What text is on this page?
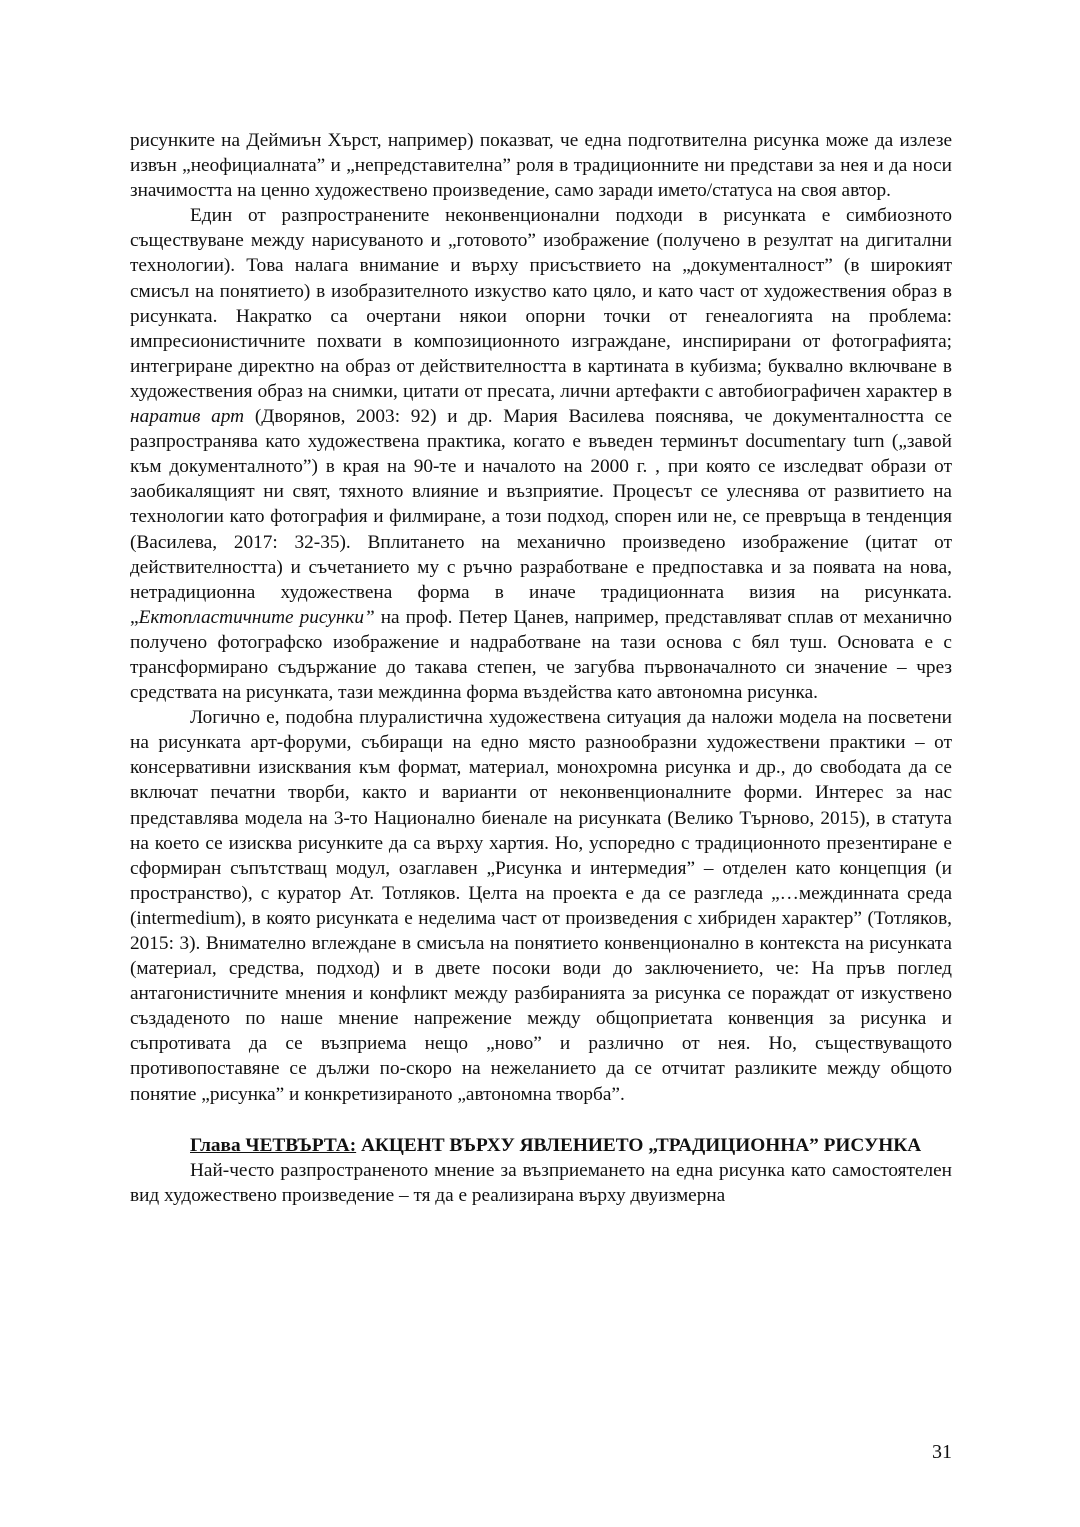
рисунките на Деймиън Хърст, например) показват, че една подготвителна рисунка може да излезе извън „неофициалната” и „непредставителна” роля в традиционните ни представи за нея и да носи значимостта на ценно художествено произведение, само заради името/статуса на своя автор.

Един от разпространените неконвенционални подходи в рисунката е симбиозното съществуване между нарисуваното и „готовото” изображение (получено в резултат на дигитални технологии). Това налага внимание и върху присъствието на „документалност” (в широкият смисъл на понятието) в изобразителното изкуство като цяло, и като част от художествения образ в рисунката. Накратко са очертани някои опорни точки от генеалогията на проблема: импресионистичните похвати в композиционното изграждане, инспирирани от фотографията; интегриране директно на образ от действителността в картината в кубизма; буквално включване в художествения образ на снимки, цитати от пресата, лични артефакти с автобиографичен характер в наратив арт (Дворянов, 2003: 92) и др. Мария Василева пояснява, че документалността се разпространява като художествена практика, когато е въведен терминът documentary turn („завой към документалното”) в края на 90-те и началото на 2000 г. , при която се изследват образи от заобикалящият ни свят, тяхното влияние и възприятие. Процесът се улеснява от развитието на технологии като фотография и филмиране, а този подход, спорен или не, се превръща в тенденция (Василева, 2017: 32-35). Вплитането на механично произведено изображение (цитат от действителността) и съчетанието му с ръчно разработване е предпоставка и за появата на нова, нетрадиционна художествена форма в иначе традиционната визия на рисунката. „Ектопластичните рисунки” на проф. Петер Цанев, например, представляват сплав от механично получено фотографско изображение и надработване на тази основа с бял туш. Основата е с трансформирано съдържание до такава степен, че загубва първоначалното си значение – чрез средствата на рисунката, тази междинна форма въздейства като автономна рисунка.

Логично е, подобна плуралистична художествена ситуация да наложи модела на посветени на рисунката арт-форуми, събиращи на едно място разнообразни художествени практики – от консервативни изисквания към формат, материал, монохромна рисунка и др., до свободата да се включат печатни творби, както и варианти от неконвенционалните форми. Интерес за нас представлява модела на 3-то Национално биенале на рисунката (Велико Търново, 2015), в статута на което се изисква рисунките да са върху хартия. Но, успоредно с традиционното презентиране е сформиран съпътстващ модул, озаглавен „Рисунка и интермедия” – отделен като концепция (и пространство), с куратор Ат. Тотляков. Целта на проекта е да се разгледа „…междинната среда (intermedium), в която рисунката е неделима част от произведения с хибриден характер” (Тотляков, 2015: 3). Внимателно вглеждане в смисъла на понятието конвенционално в контекста на рисунката (материал, средства, подход) и в двете посоки води до заключението, че: На пръв поглед антагонистичните мнения и конфликт между разбиранията за рисунка се пораждат от изкуствено създаденото по наше мнение напрежение между общоприетата конвенция за рисунка и съпротивата да се възприема нещо „ново” и различно от нея. Но, съществуващото противопоставяне се дължи по-скоро на нежеланието да се отчитат разликите между общото понятие „рисунка” и конкретизираното „автономна творба”.

Глава ЧЕТВЪРТА: АКЦЕНТ ВЪРХУ ЯВЛЕНИЕТО „ТРАДИЦИОННА” РИСУНКА

Най-често разпространеното мнение за възприемането на една рисунка като самостоятелен вид художествено произведение – тя да е реализирана върху двуизмерна

31
